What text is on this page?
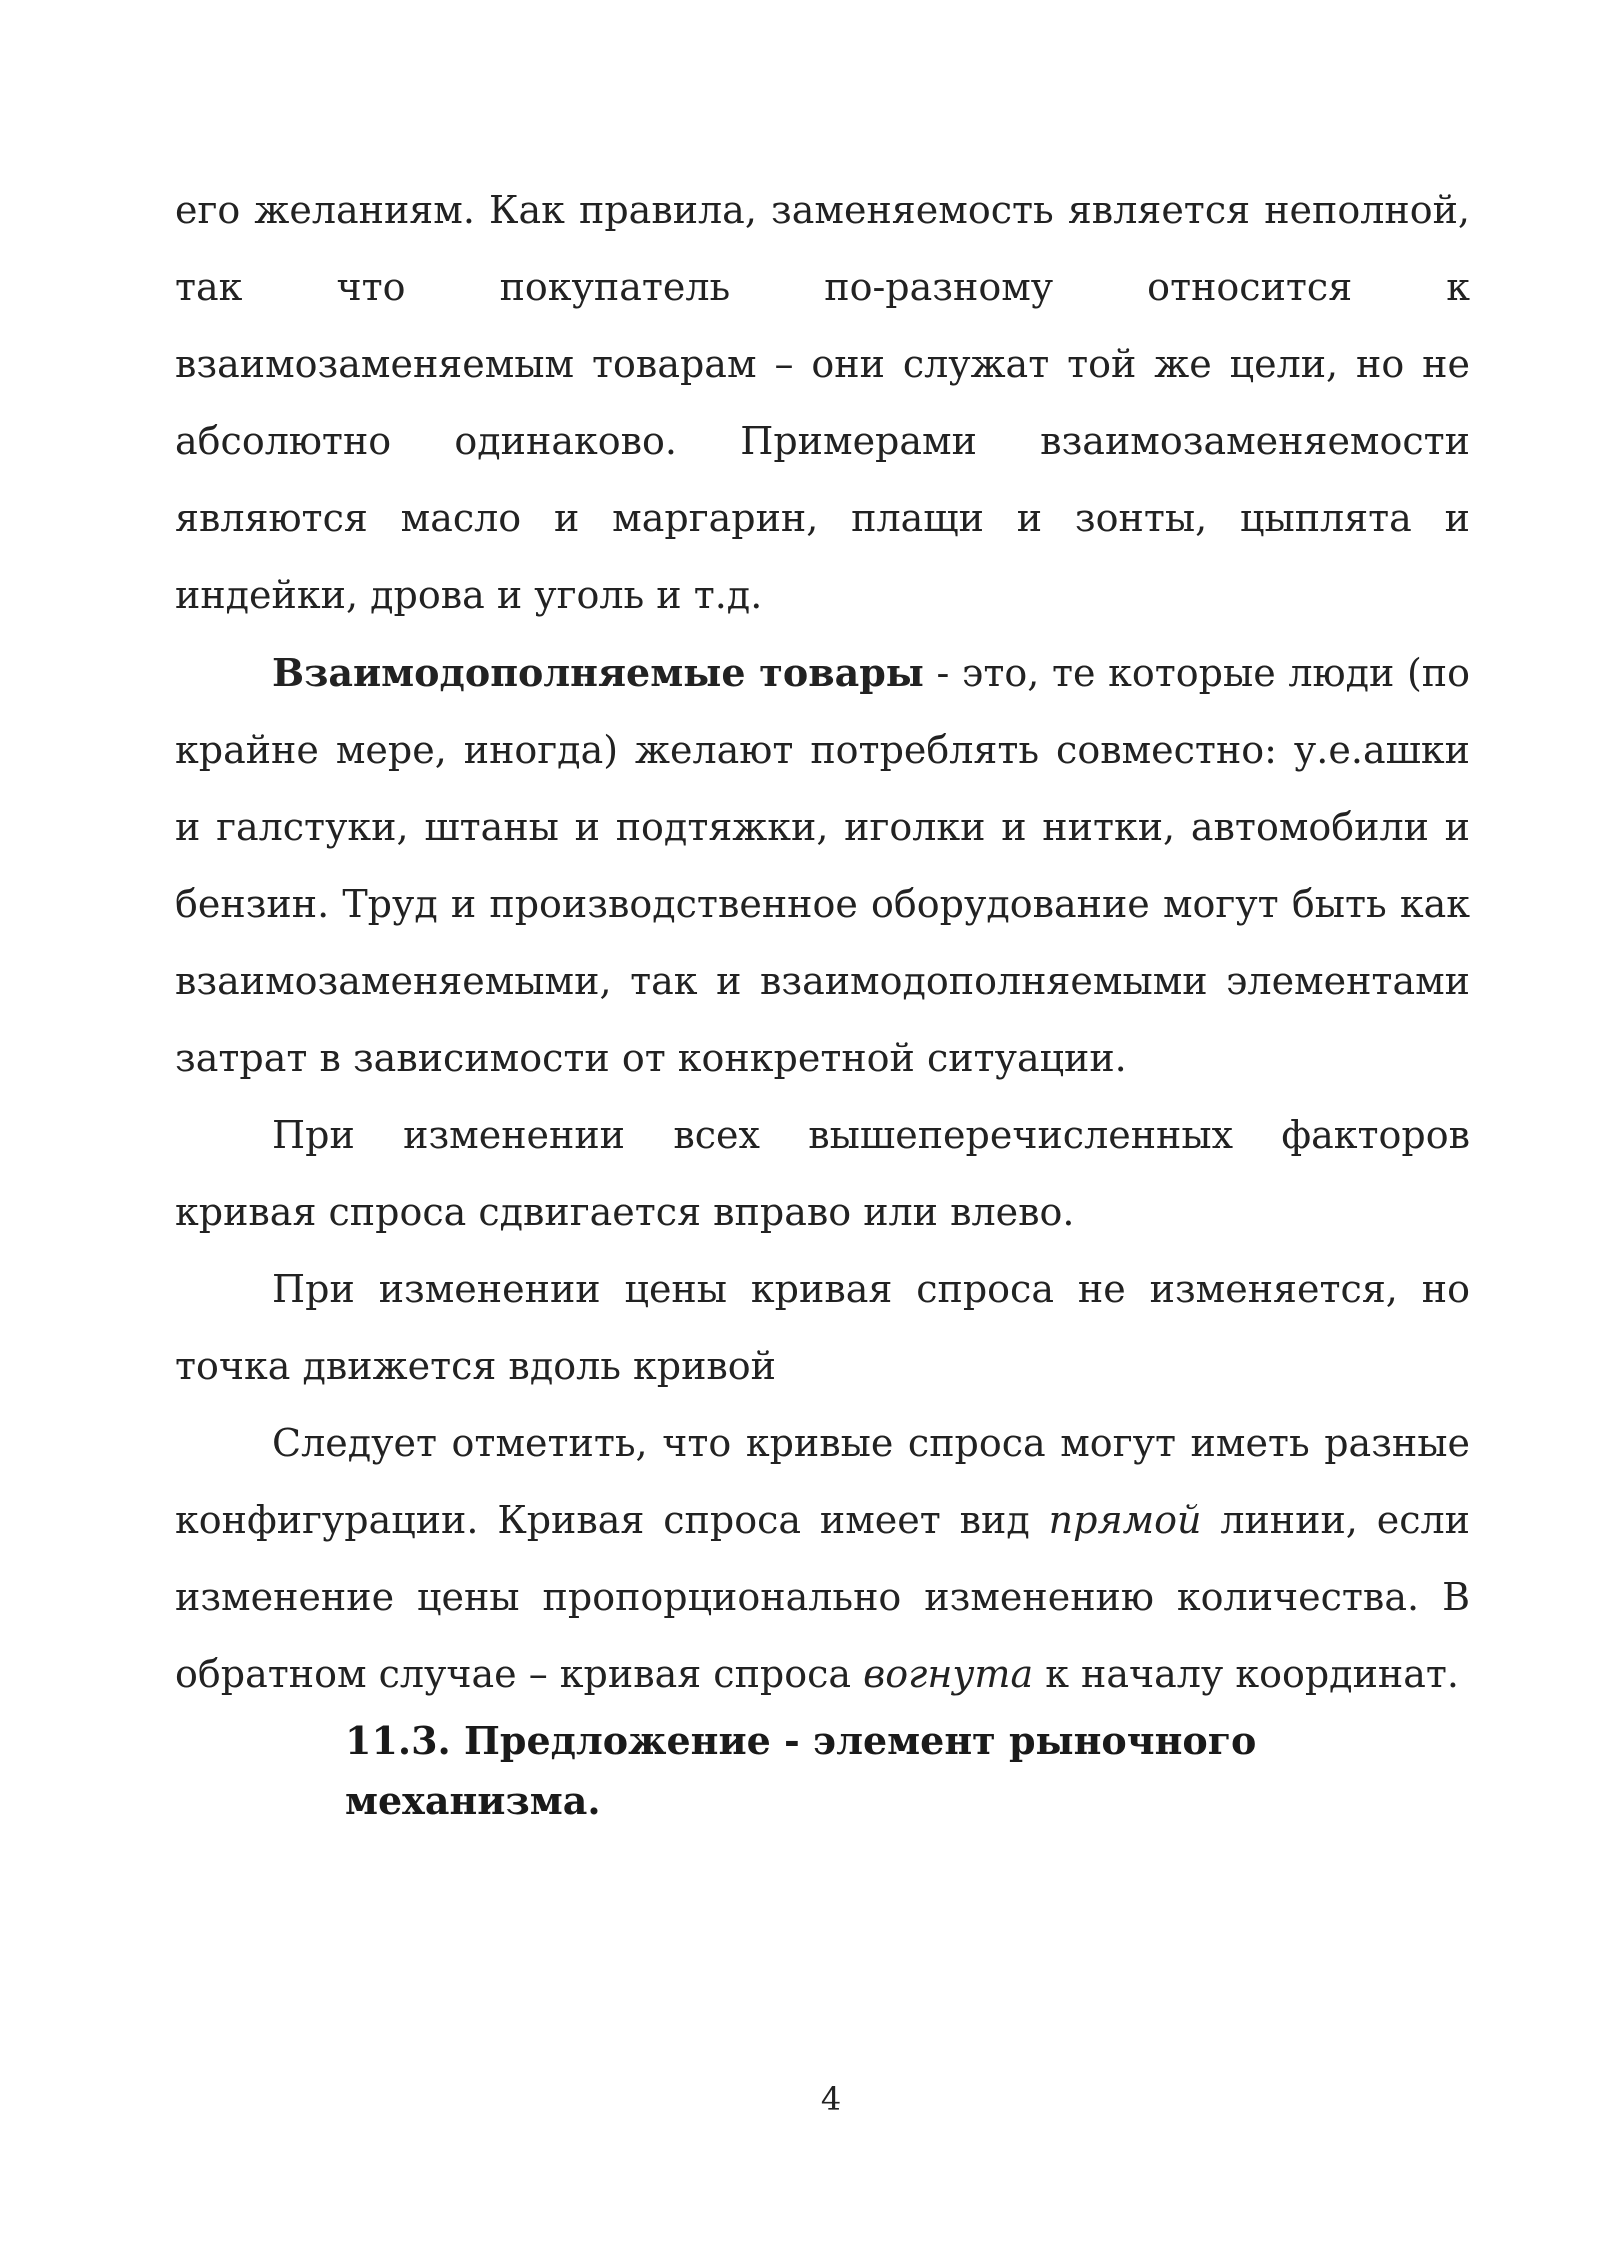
его желаниям. Как правила, заменяемость является неполной, так что покупатель по-разному относится к взаимозаменяемым товарам – они служат той же цели, но не абсолютно одинаково. Примерами взаимозаменяемости являются масло и маргарин, плащи и зонты, цыплята и индейки, дрова и уголь и т.д.

Взаимодополняемые товары - это, те которые люди (по крайне мере, иногда) желают потреблять совместно: у.е.ашки и галстуки, штаны и подтяжки, иголки и нитки, автомобили и бензин. Труд и производственное оборудование могут быть как взаимозаменяемыми, так и взаимодополняемыми элементами затрат в зависимости от конкретной ситуации.

При изменении всех вышеперечисленных факторов кривая спроса сдвигается вправо или влево.

При изменении цены кривая спроса не изменяется, но точка движется вдоль кривой

Следует отметить, что кривые спроса могут иметь разные конфигурации. Кривая спроса имеет вид прямой линии, если изменение цены пропорционально изменению количества. В обратном случае – кривая спроса вогнута к началу координат.

11.3. Предложение - элемент рыночного механизма.
4
